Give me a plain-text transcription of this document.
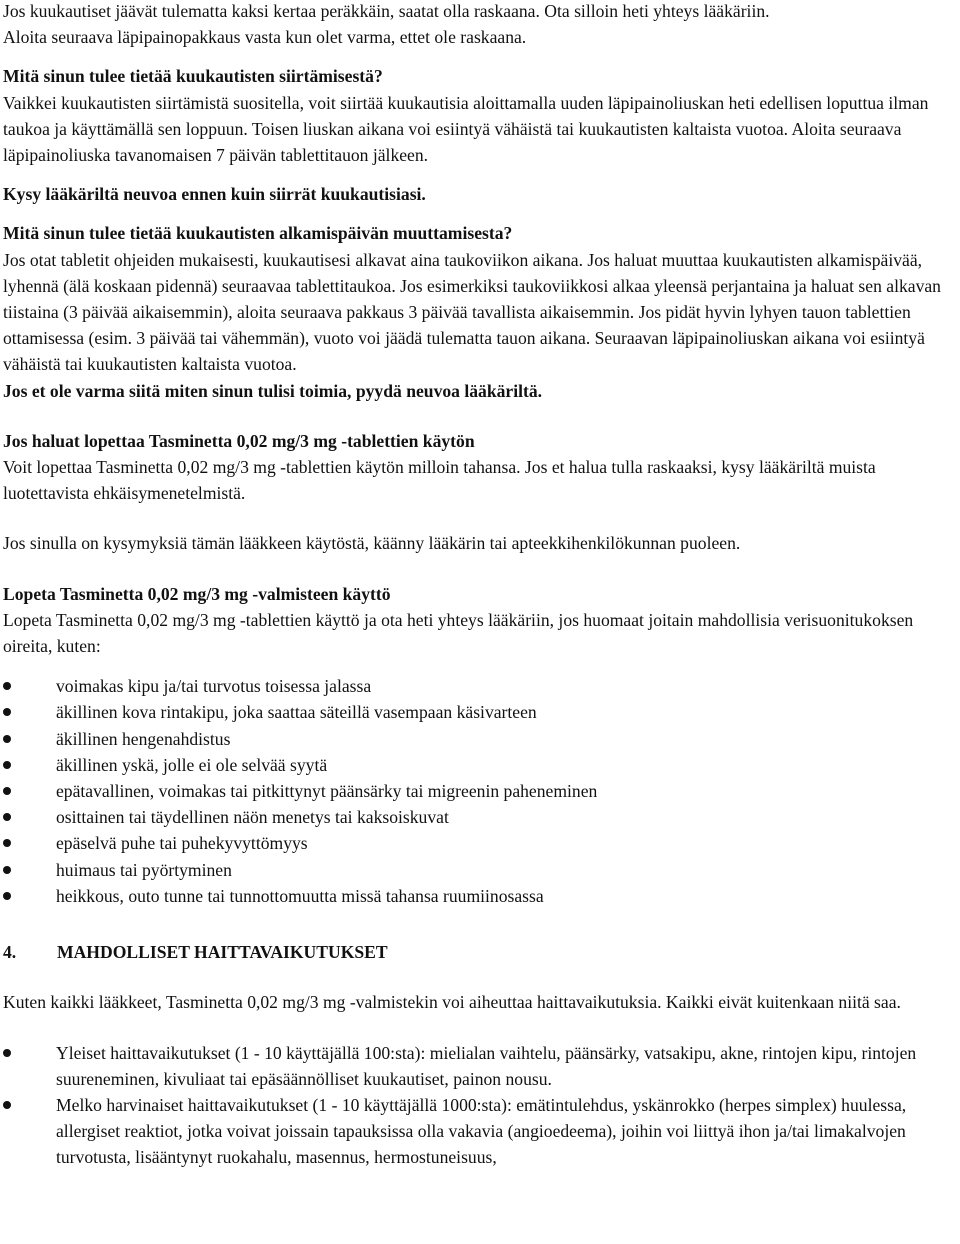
Jos kuukautiset jäävät tulematta kaksi kertaa peräkkäin, saatat olla raskaana. Ota silloin heti yhteys lääkäriin.

Aloita seuraava läpipainopakkaus vasta kun olet varma, ettet ole raskaana.

Mitä sinun tulee tietää kuukautisten siirtämisestä?

Vaikkei kuukautisten siirtämistä suositella, voit siirtää kuukautisia aloittamalla uuden läpipainoliuskan heti edellisen loputtua ilman taukoa ja käyttämällä sen loppuun. Toisen liuskan aikana voi esiintyä vähäistä tai kuukautisten kaltaista vuotoa. Aloita seuraava läpipainoliuska tavanomaisen 7 päivän tablettitauon jälkeen.

Kysy lääkäriltä neuvoa ennen kuin siirrät kuukautisiasi.

Mitä sinun tulee tietää kuukautisten alkamispäivän muuttamisesta?

Jos otat tabletit ohjeiden mukaisesti, kuukautisesi alkavat aina taukoviikon aikana. Jos haluat muuttaa kuukautisten alkamispäivää, lyhennä (älä koskaan pidennä) seuraavaa tablettitaukoa. Jos esimerkiksi taukoviikkosi alkaa yleensä perjantaina ja haluat sen alkavan tiistaina (3 päivää aikaisemmin), aloita seuraava pakkaus 3 päivää tavallista aikaisemmin. Jos pidät hyvin lyhyen tauon tablettien ottamisessa (esim. 3 päivää tai vähemmän), vuoto voi jäädä tulematta tauon aikana. Seuraavan läpipainoliuskan aikana voi esiintyä vähäistä tai kuukautisten kaltaista vuotoa.

Jos et ole varma siitä miten sinun tulisi toimia, pyydä neuvoa lääkäriltä.

Jos haluat lopettaa Tasminetta 0,02 mg/3 mg -tablettien käytön

Voit lopettaa Tasminetta 0,02 mg/3 mg -tablettien käytön milloin tahansa. Jos et halua tulla raskaaksi, kysy lääkäriltä muista luotettavista ehkäisymenetelmistä.

Jos sinulla on kysymyksiä tämän lääkkeen käytöstä, käänny lääkärin tai apteekkihenkilökunnan puoleen.

Lopeta Tasminetta 0,02 mg/3 mg -valmisteen käyttö

Lopeta Tasminetta 0,02 mg/3 mg -tablettien käyttö ja ota heti yhteys lääkäriin, jos huomaat joitain mahdollisia verisuonitukoksen oireita, kuten:

voimakas kipu ja/tai turvotus toisessa jalassa
äkillinen kova rintakipu, joka saattaa säteillä vasempaan käsivarteen
äkillinen hengenahdistus
äkillinen yskä, jolle ei ole selvää syytä
epätavallinen, voimakas tai pitkittynyt päänsärky tai migreenin paheneminen
osittainen tai täydellinen näön menetys tai kaksoiskuvat
epäselvä puhe tai puhekyvyttömyys
huimaus tai pyörtyminen
heikkous, outo tunne tai tunnottomuutta missä tahansa ruumiinosassa
4.	MAHDOLLISET HAITTAVAIKUTUKSET

Kuten kaikki lääkkeet, Tasminetta 0,02 mg/3 mg -valmistekin voi aiheuttaa haittavaikutuksia. Kaikki eivät kuitenkaan niitä saa.

Yleiset haittavaikutukset (1 - 10 käyttäjällä 100:sta): mielialan vaihtelu, päänsärky, vatsakipu, akne, rintojen kipu, rintojen suureneminen, kivuliaat tai epäsäännölliset kuukautiset, painon nousu.
Melko harvinaiset haittavaikutukset (1 - 10 käyttäjällä 1000:sta): emätintulehdus, yskänrokko (herpes simplex) huulessa, allergiset reaktiot, jotka voivat joissain tapauksissa olla vakavia (angioedeema), joihin voi liittyä ihon ja/tai limakalvojen turvotusta, lisääntynyt ruokahalu, masennus, hermostuneisuus,
